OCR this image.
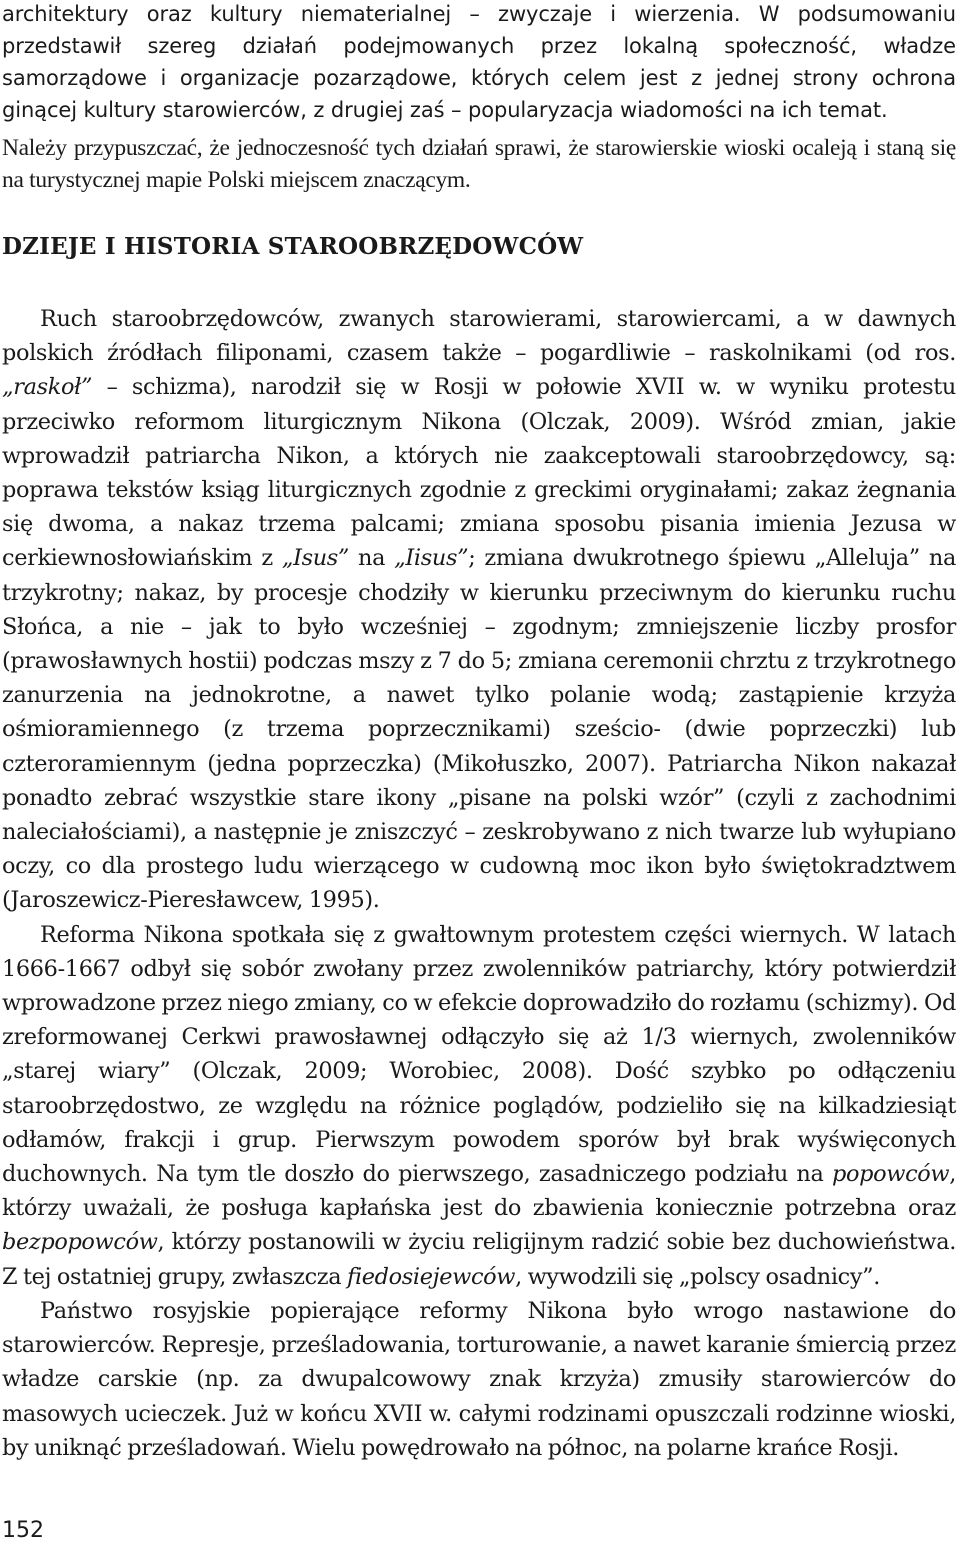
architektury oraz kultury niematerialnej – zwyczaje i wierzenia. W podsumowaniu przedstawił szereg działań podejmowanych przez lokalną społeczność, władze samorządowe i organizacje pozarządowe, których celem jest z jednej strony ochrona ginącej kultury starowierców, z drugiej zaś – popularyzacja wiadomości na ich temat.

Należy przypuszczać, że jednoczesność tych działań sprawi, że starowierskie wioski ocaleją i staną się na turystycznej mapie Polski miejscem znaczącym.

DZIEJE I HISTORIA STAROOBRZĘDOWCÓW

Ruch staroobrzędowców, zwanych starowierami, starowiercami, a w dawnych polskich źródłach filiponami, czasem także – pogardliwie – raskolnikami (od ros. „raskoł” – schizma), narodził się w Rosji w połowie XVII w. w wyniku protestu przeciwko reformom liturgicznym Nikona (Olczak, 2009). Wśród zmian, jakie wprowadził patriarcha Nikon, a których nie zaakceptowali staroobrzędowcy, są: poprawa tekstów ksiąg liturgicznych zgodnie z greckimi oryginałami; zakaz żegnania się dwoma, a nakaz trzema palcami; zmiana sposobu pisania imienia Jezusa w cerkiewnosłowiańskim z „Isus” na „Iisus”; zmiana dwukrotnego śpiewu „Alleluja” na trzykrotny; nakaz, by procesje chodziły w kierunku przeciwnym do kierunku ruchu Słońca, a nie – jak to było wcześniej – zgodnym; zmniejszenie liczby prosfor (prawosławnych hostii) podczas mszy z 7 do 5; zmiana ceremonii chrztu z trzykrotnego zanurzenia na jednokrotne, a nawet tylko polanie wodą; zastąpienie krzyża ośmioramiennego (z trzema poprzecznikami) sześcio- (dwie poprzeczki) lub czteroramiennym (jedna poprzeczka) (Mikołuszko, 2007). Patriarcha Nikon nakazał ponadto zebrać wszystkie stare ikony „pisane na polski wzór” (czyli z zachodnimi naleciałościami), a następnie je zniszczyć – zeskrobywano z nich twarze lub wyłupiano oczy, co dla prostego ludu wierzącego w cudowną moc ikon było świętokradztwem (Jaroszewicz-Pieresławcew, 1995).

Reforma Nikona spotkała się z gwałtownym protestem części wiernych. W latach 1666-1667 odbył się sobór zwołany przez zwolenników patriarchy, który potwierdził wprowadzone przez niego zmiany, co w efekcie doprowadziło do rozłamu (schizmy). Od zreformowanej Cerkwi prawosławnej odłączyło się aż 1/3 wiernych, zwolenników „starej wiary” (Olczak, 2009; Worobiec, 2008). Dość szybko po odłączeniu staroobrzędostwo, ze względu na różnice poglądów, podzieliło się na kilkadziesiąt odłamów, frakcji i grup. Pierwszym powodem sporów był brak wyświęconych duchownych. Na tym tle doszło do pierwszego, zasadniczego podziału na popowców, którzy uważali, że posługa kapłańska jest do zbawienia koniecznie potrzebna oraz bezpopowców, którzy postanowili w życiu religijnym radzić sobie bez duchowieństwa. Z tej ostatniej grupy, zwłaszcza fiedosiejewców, wywodzili się „polscy osadnicy”.

Państwo rosyjskie popierające reformy Nikona było wrogo nastawione do starowierców. Represje, prześladowania, torturowanie, a nawet karanie śmiercią przez władze carskie (np. za dwupalcowowy znak krzyża) zmusiły starowierców do masowych ucieczek. Już w końcu XVII w. całymi rodzinami opuszczali rodzinne wioski, by uniknąć prześladowań. Wielu powędrowało na północ, na polarne krańce Rosji.

152
